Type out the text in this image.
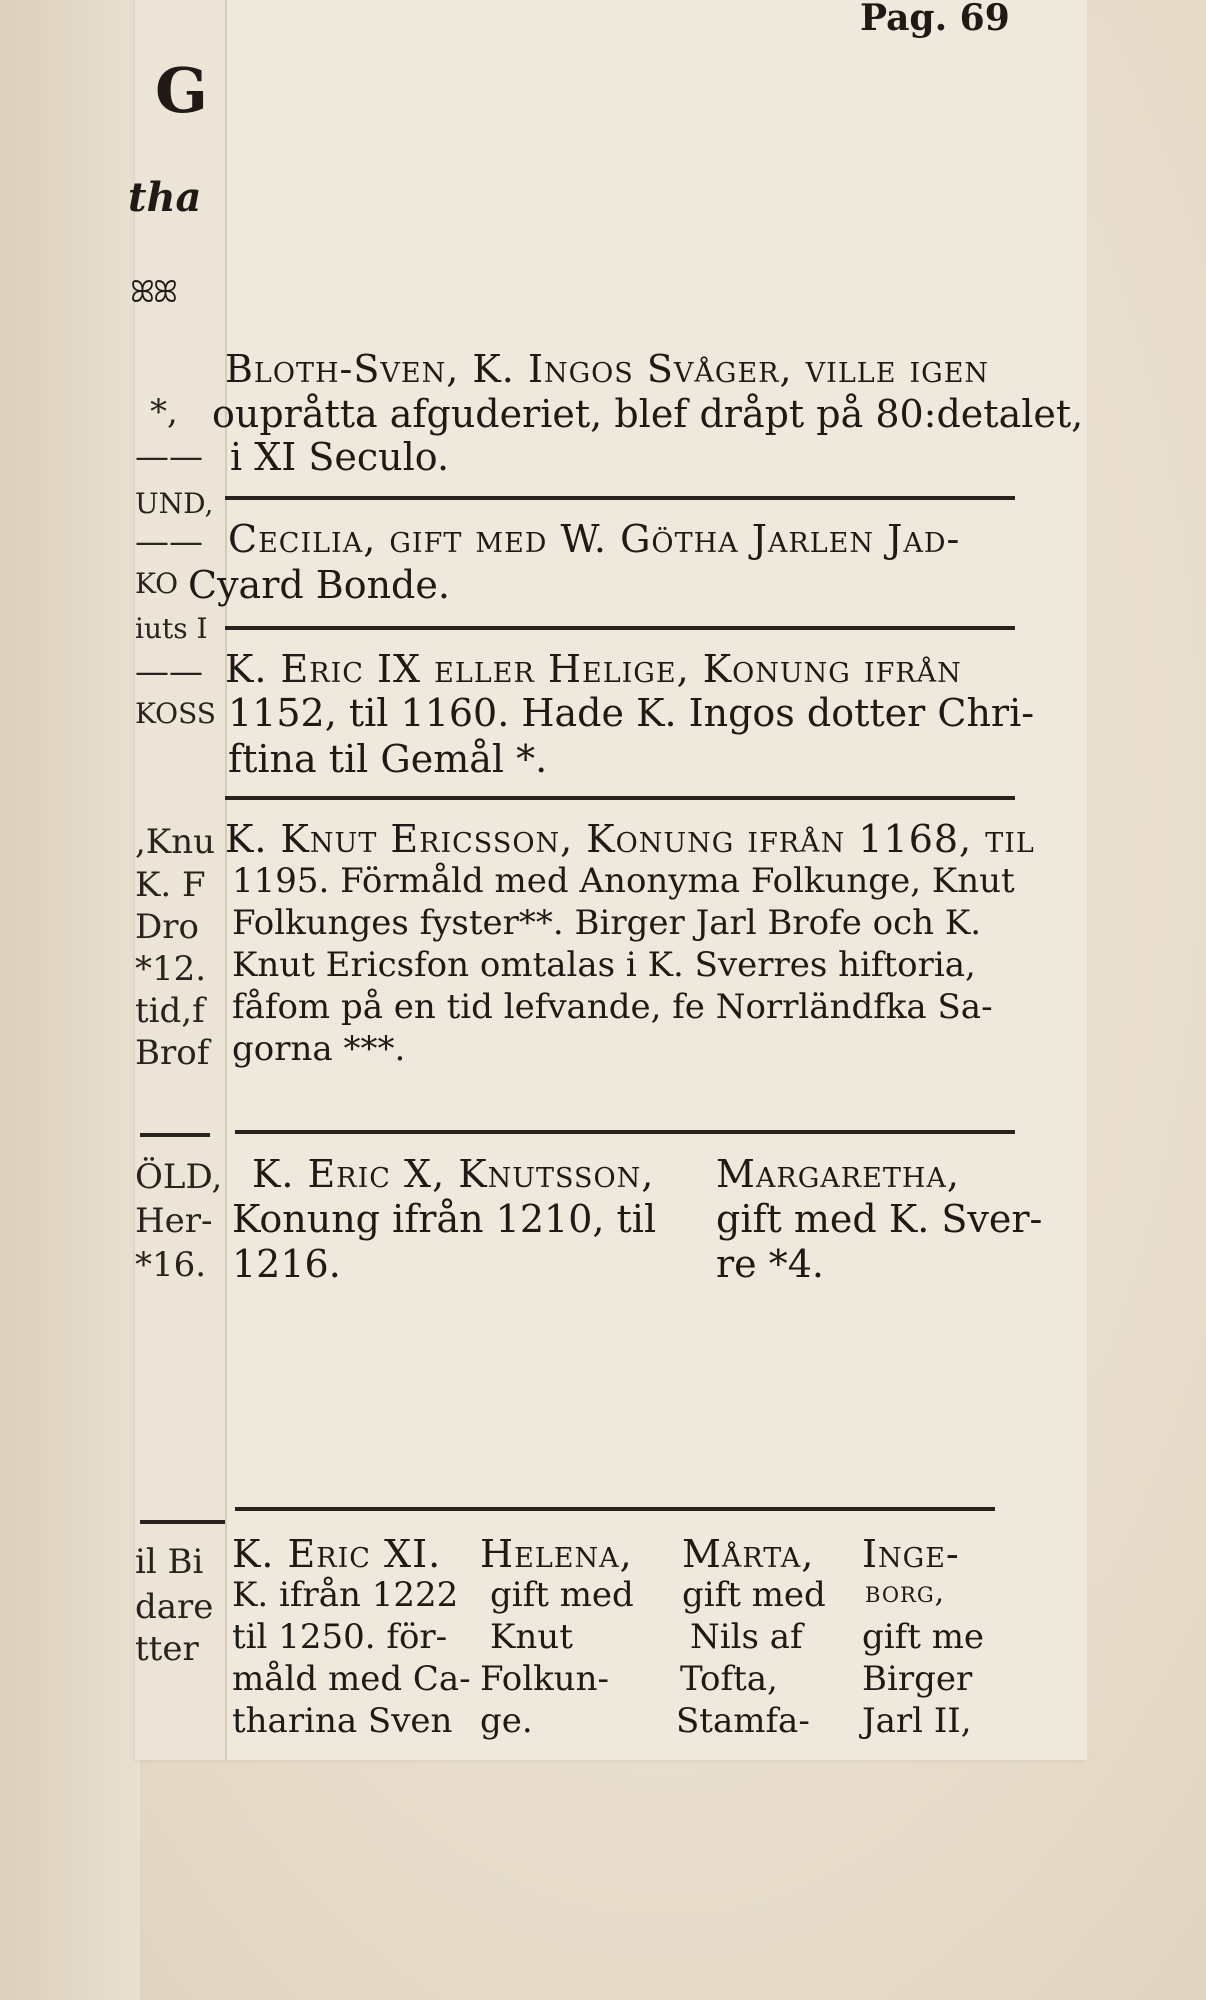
Pag. 69
G
tha
ꕤꕤ
Bloth-Sven, K. Ingos Svåger, ville igen
*, oupråtta afguderiet, blef dråpt på 80:detalet,
—— i XI Seculo.
UND,
—— Cecilia, gift med W. Götha Jarlen Jad-
KO Cyard Bonde.
iuts I
—— K. Eric IX eller Helige, Konung ifrån
KOSS 1152, til 1160. Hade K. Ingos dotter Chri-
ftina til Gemål *.
,Knu K. Knut Ericsson, Konung ifrån 1168, til
K. F 1195. Förmåld med Anonyma Folkunge, Knut
Dro Folkunges fyster**. Birger Jarl Brofe och K.
*12. Knut Ericsfon omtalas i K. Sverres hiftoria,
tid,f fåfom på en tid lefvande, fe Norrländfka Sa-
Brof gorna ***.
ÖLD,
Her-
*16.
K. Eric X, Knutsson,
Konung ifrån 1210, til
1216.
Margaretha,
gift med K. Sver-
re *4.
il Bi
dare
tter
K. Eric XI.
K. ifrån 1222
til 1250. för-
måld med Ca-
tharina Sven
Helena,
gift med
Knut
Folkun-
ge.
Mårta,
gift med
Nils af
Tofta,
Stamfa-
Inge-
borg,
gift me
Birger
Jarl II,
